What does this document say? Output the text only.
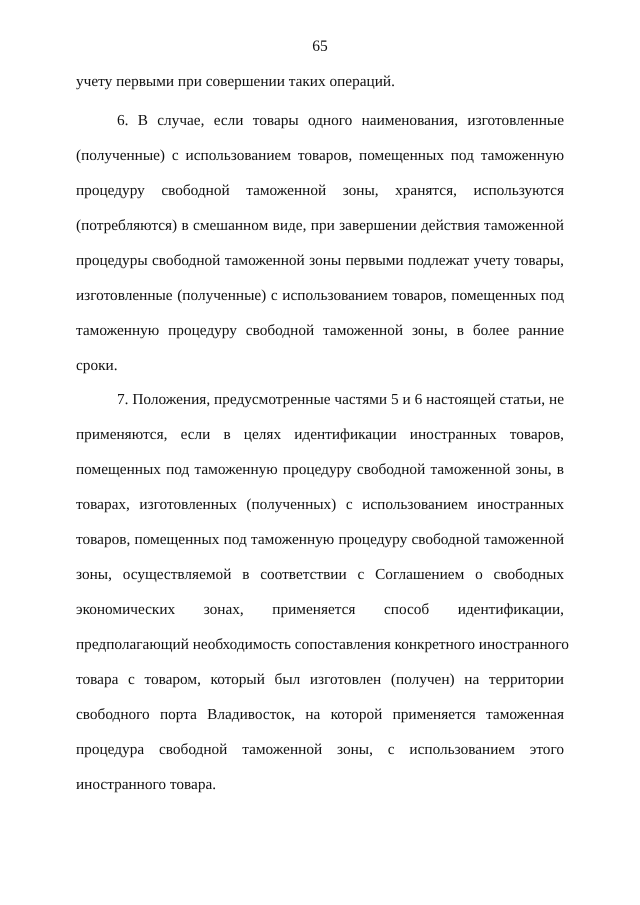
65
учету первыми при совершении таких операций.
6. В случае, если товары одного наименования, изготовленные
(полученные) с использованием товаров, помещенных под таможенную
процедуру свободной таможенной зоны, хранятся, используются
(потребляются) в смешанном виде, при завершении действия таможенной
процедуры свободной таможенной зоны первыми подлежат учету товары,
изготовленные (полученные) с использованием товаров, помещенных под
таможенную процедуру свободной таможенной зоны, в более ранние
сроки.
7. Положения, предусмотренные частями 5 и 6 настоящей статьи, не
применяются, если в целях идентификации иностранных товаров,
помещенных под таможенную процедуру свободной таможенной зоны, в
товарах, изготовленных (полученных) с использованием иностранных
товаров, помещенных под таможенную процедуру свободной таможенной
зоны, осуществляемой в соответствии с Соглашением о свободных
экономических зонах, применяется способ идентификации,
предполагающий необходимость сопоставления конкретного иностранного
товара с товаром, который был изготовлен (получен) на территории
свободного порта Владивосток, на которой применяется таможенная
процедура свободной таможенной зоны, с использованием этого
иностранного товара.
